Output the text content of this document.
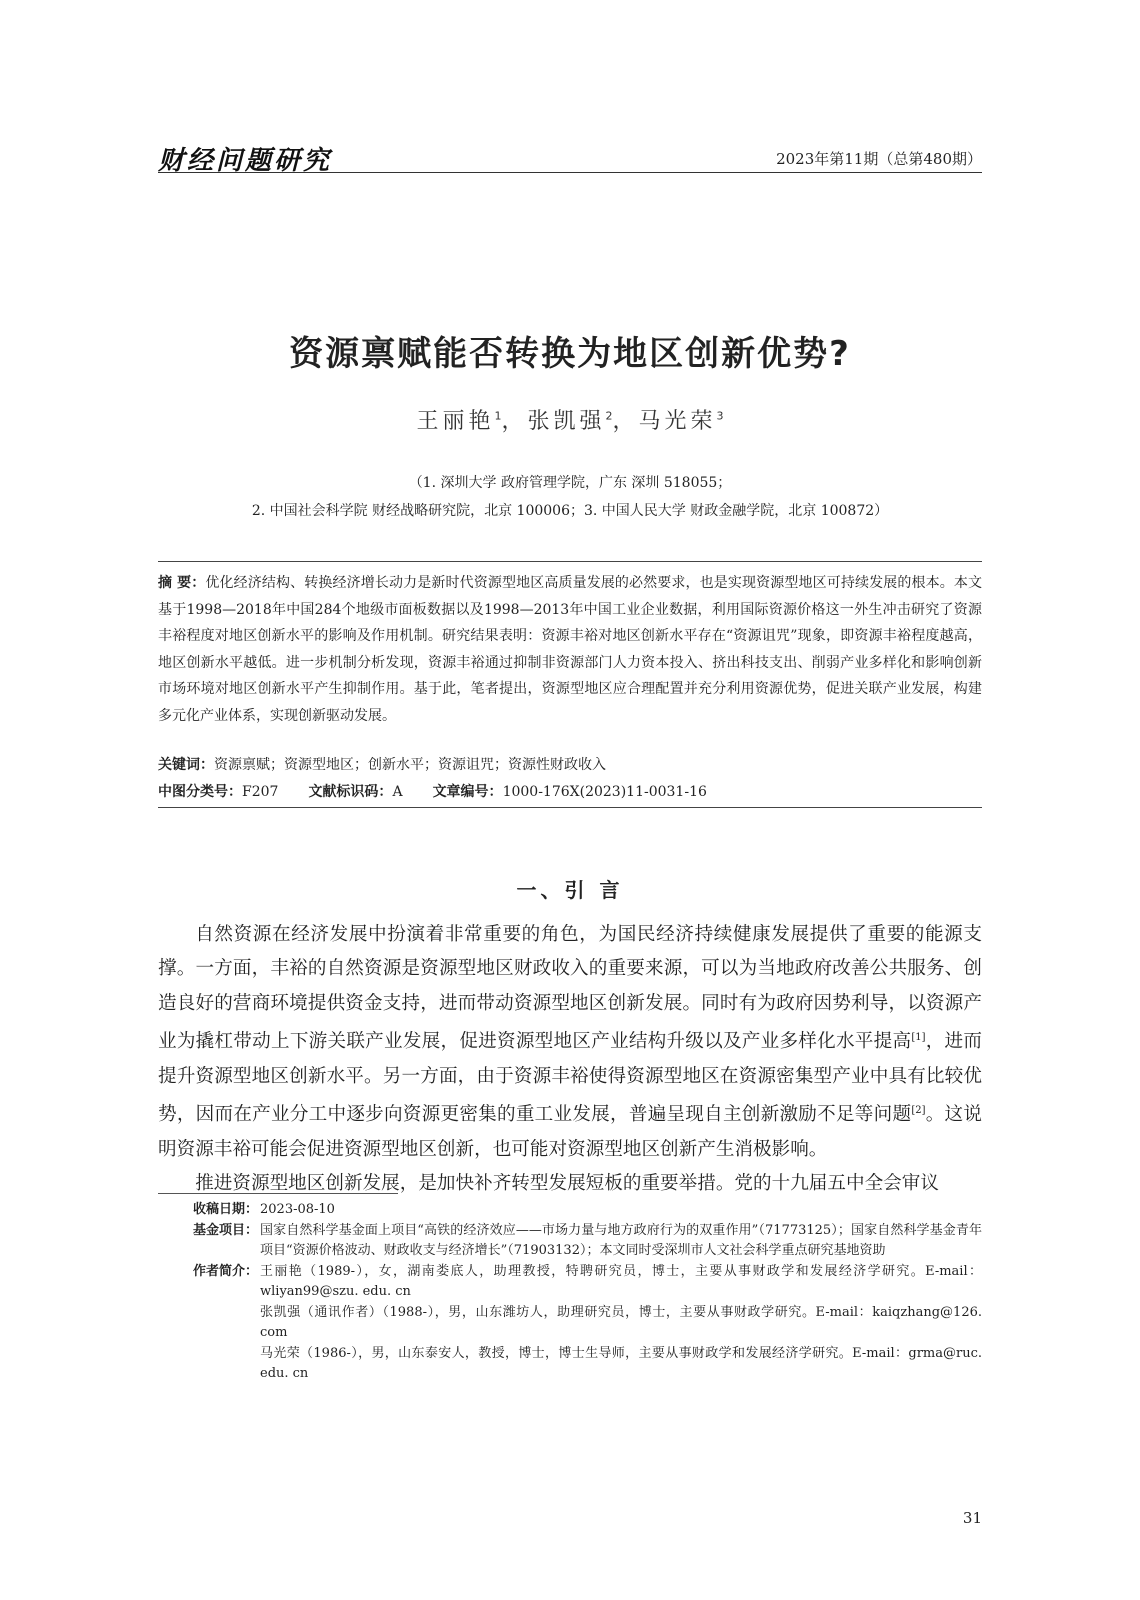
财经问题研究	2023年第11期（总第480期）
资源禀赋能否转换为地区创新优势?
王丽艳$^1$，张凯强$^2$，马光荣$^3$
（1. 深圳大学 政府管理学院，广东 深圳 518055；
2. 中国社会科学院 财经战略研究院，北京 100006；3. 中国人民大学 财政金融学院，北京 100872）
摘 要：优化经济结构、转换经济增长动力是新时代资源型地区高质量发展的必然要求，也是实现资源型地区可持续发展的根本。本文基于1998—2018年中国284个地级市面板数据以及1998—2013年中国工业企业数据，利用国际资源价格这一外生冲击研究了资源丰裕程度对地区创新水平的影响及作用机制。研究结果表明：资源丰裕对地区创新水平存在“资源诅咒”现象，即资源丰裕程度越高，地区创新水平越低。进一步机制分析发现，资源丰裕通过抑制非资源部门人力资本投入、挤出科技支出、削弱产业多样化和影响创新市场环境对地区创新水平产生抑制作用。基于此，笔者提出，资源型地区应合理配置并充分利用资源优势，促进关联产业发展，构建多元化产业体系，实现创新驱动发展。
关键词：资源禀赋；资源型地区；创新水平；资源诅咒；资源性财政收入
中图分类号：F207 文献标识码：A 文章编号：1000-176X(2023)11-0031-16
一、引 言

自然资源在经济发展中扮演着非常重要的角色，为国民经济持续健康发展提供了重要的能源支撑。一方面，丰裕的自然资源是资源型地区财政收入的重要来源，可以为当地政府改善公共服务、创造良好的营商环境提供资金支持，进而带动资源型地区创新发展。同时有为政府因势利导，以资源产业为撬杠带动上下游关联产业发展，促进资源型地区产业结构升级以及产业多样化水平提高[1]，进而提升资源型地区创新水平。另一方面，由于资源丰裕使得资源型地区在资源密集型产业中具有比较优势，因而在产业分工中逐步向资源更密集的重工业发展，普遍呈现自主创新激励不足等问题[2]。这说明资源丰裕可能会促进资源型地区创新，也可能对资源型地区创新产生消极影响。

推进资源型地区创新发展，是加快补齐转型发展短板的重要举措。党的十九届五中全会审议

收稿日期： 2023-08-10
基金项目： 国家自然科学基金面上项目“高铁的经济效应——市场力量与地方政府行为的双重作用”（71773125）；国家自然科学基金青年项目“资源价格波动、财政收支与经济增长”（71903132）；本文同时受深圳市人文社会科学重点研究基地资助
作者简介： 王丽艳（1989-），女，湖南娄底人，助理教授，特聘研究员，博士，主要从事财政学和发展经济学研究。E-mail：wliyan99@szu. edu. cn
张凯强（通讯作者）（1988-），男，山东潍坊人，助理研究员，博士，主要从事财政学研究。E-mail：kaiqzhang@126. com
马光荣（1986-），男，山东泰安人，教授，博士，博士生导师，主要从事财政学和发展经济学研究。E-mail：grma@ruc. edu. cn
31
